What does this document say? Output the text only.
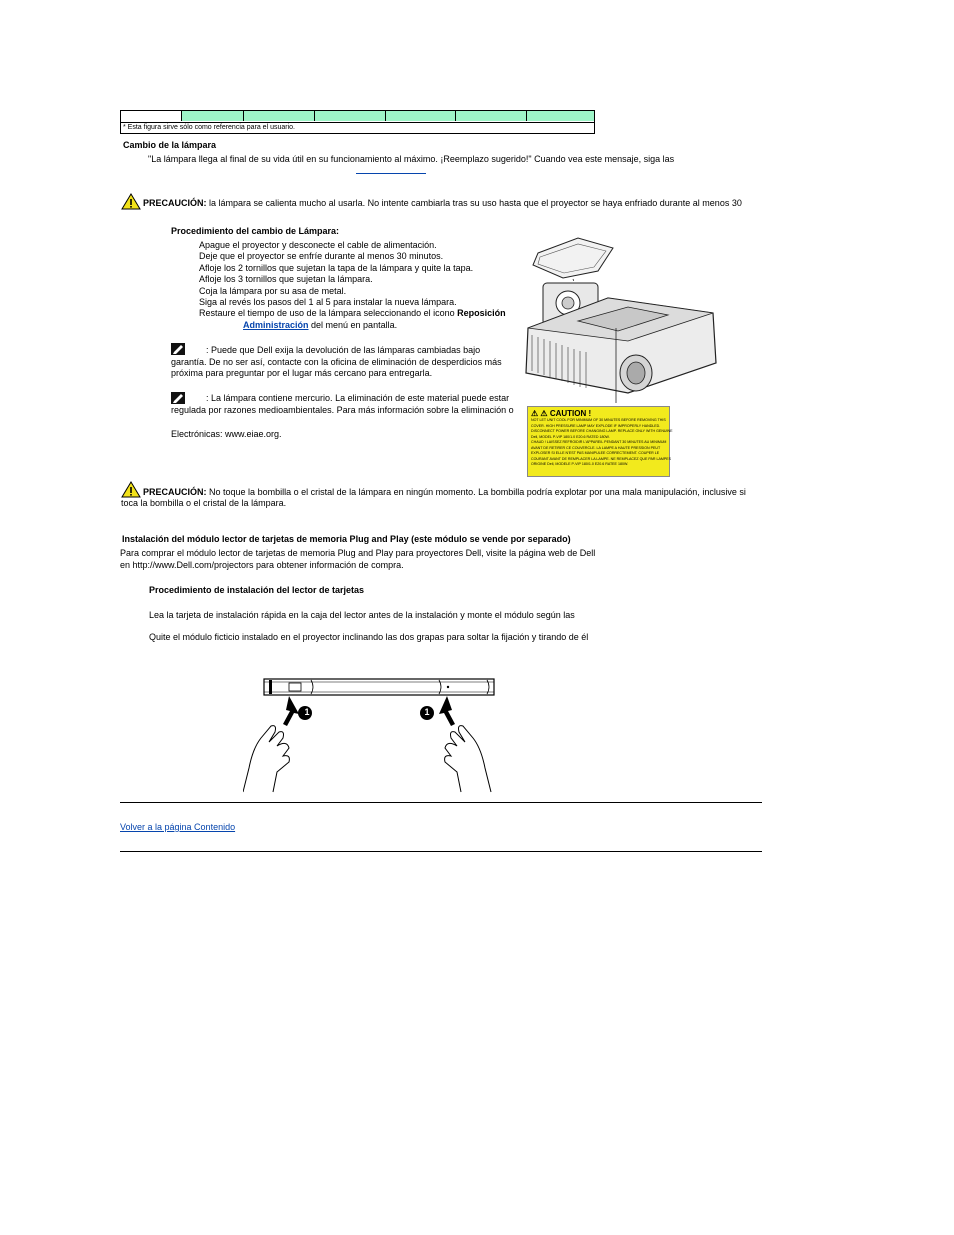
* Esta figura sirve sólo como referencia para el usuario.
Cambio de la lámpara
"La lámpara llega al final de su vida útil en su funcionamiento al máximo. ¡Reemplazo sugerido!" Cuando vea este mensaje, siga las
PRECAUCIÓN: la lámpara se calienta mucho al usarla. No intente cambiarla tras su uso hasta que el proyector se haya enfriado durante al menos 30
Procedimiento del cambio de Lámpara:
Apague el proyector y desconecte el cable de alimentación.
Deje que el proyector se enfríe durante al menos 30 minutos.
Afloje los 2 tornillos que sujetan la tapa de la lámpara y quite la tapa.
Afloje los 3 tornillos que sujetan la lámpara.
Coja la lámpara por su asa de metal.
Siga al revés los pasos del 1 al 5 para instalar la nueva lámpara.
Restaure el tiempo de uso de la lámpara seleccionando el icono Reposición
Administración del menú en pantalla.
: Puede que Dell exija la devolución de las lámparas cambiadas bajo
garantía. De no ser así, contacte con la oficina de eliminación de desperdicios más
próxima para preguntar por el lugar más cercano para entregarla.
: La lámpara contiene mercurio. La eliminación de este material puede estar
regulada por razones medioambientales. Para más información sobre la eliminación o
Electrónicas: www.eiae.org.
⚠ ⚠ CAUTION !
NOT LET UNIT COOL FOR MINIMUM OF 30 MINUTES BEFORE REMOVING THIS
COVER. HIGH PRESSURE LAMP MAY EXPLODE IF IMPROPERLY HANDLED.
DISCONNECT POWER BEFORE CHANGING LAMP. REPLACE ONLY WITH GENUINE
Dell, MODEL P-VIP 180/1.0 E20.6 RATED 180W.
CHAUD ! LAISSEZ REFROIDIR L'APPAREIL PENDANT 30 MINUTES AU MINIMUM
AVANT DE RETIRER CE COUVERCLE. LA LAMPE A HAUTE PRESSION PEUT
EXPLOSER SI ELLE N'EST PAS MANIPULEE CORRECTEMENT. COUPER LE
COURANT AVANT DE REMPLACER LA LAMPE. NE REMPLACEZ QUE PAR LAMPES
ORIGINE Dell, MODELE P-VIP 180/1.0 E20.6 RATEE 180W.
PRECAUCIÓN: No toque la bombilla o el cristal de la lámpara en ningún momento. La bombilla podría explotar por una mala manipulación, inclusive si
toca la bombilla o el cristal de la lámpara.
Instalación del módulo lector de tarjetas de memoria Plug and Play (este módulo se vende por separado)
Para comprar el módulo lector de tarjetas de memoria Plug and Play para proyectores Dell, visite la página web de Dell
en http://www.Dell.com/projectors para obtener información de compra.
Procedimiento de instalación del lector de tarjetas
Lea la tarjeta de instalación rápida en la caja del lector antes de la instalación y monte el módulo según las
Quite el módulo ficticio instalado en el proyector inclinando las dos grapas para soltar la fijación y tirando de él
1	1
Volver a la página Contenido
